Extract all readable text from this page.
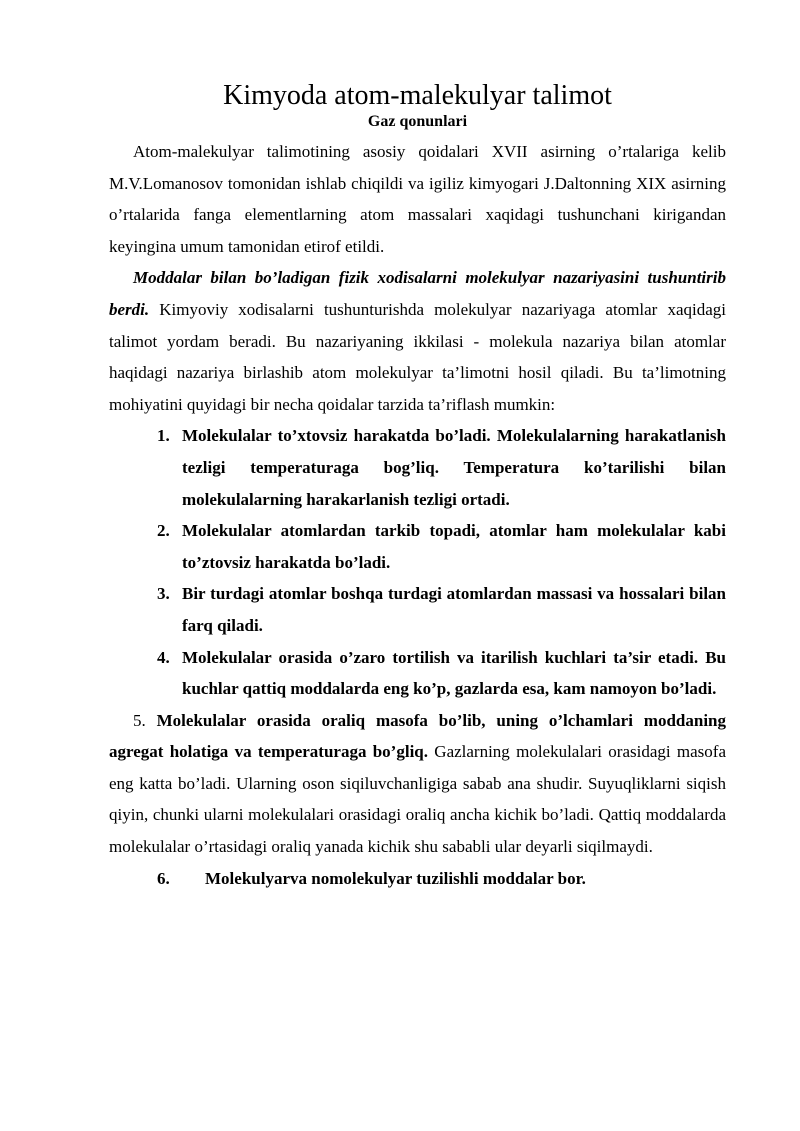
Kimyoda atom-malekulyar talimot
Gaz qonunlari

Atom-malekulyar talimotining asosiy qoidalari XVII asirning o’rtalariga kelib M.V.Lomanosov tomonidan ishlab chiqildi va igiliz kimyogari J.Daltonning XIX asirning o’rtalarida fanga elementlarning atom massalari xaqidagi tushunchani kirigandan keyingina umum tamonidan etirof etildi.

Moddalar bilan bo’ladigan fizik xodisalarni molekulyar nazariyasini tushuntirib berdi. Kimyoviy xodisalarni tushunturishda molekulyar nazariyaga atomlar xaqidagi talimot yordam beradi. Bu nazariyaning ikkilasi - molekula nazariya bilan atomlar haqidagi nazariya birlashib atom molekulyar ta’limotni hosil qiladi. Bu ta’limotning mohiyatini quyidagi bir necha qoidalar tarzida ta’riflash mumkin:

1. Molekulalar to’xtovsiz harakatda bo’ladi. Molekulalarning harakatlanish tezligi temperaturaga bog’liq. Temperatura ko’tarilishi bilan molekulalarning harakarlanish tezligi ortadi.
2. Molekulalar atomlardan tarkib topadi, atomlar ham molekulalar kabi to’ztovsiz harakatda bo’ladi.
3. Bir turdagi atomlar boshqa turdagi atomlardan massasi va hossalari bilan farq qiladi.
4. Molekulalar orasida o’zaro tortilish va itarilish kuchlari ta’sir etadi. Bu kuchlar qattiq moddalarda eng ko’p, gazlarda esa, kam namoyon bo’ladi.

5. Molekulalar orasida oraliq masofa bo’lib, uning o’lchamlari moddaning agregat holatiga va temperaturaga bo’gliq. Gazlarning molekulalari orasidagi masofa eng katta bo’ladi. Ularning oson siqiluvchanligiga sabab ana shudir. Suyuqliklarni siqish qiyin, chunki ularni molekulalari orasidagi oraliq ancha kichik bo’ladi. Qattiq moddalarda molekulalar o’rtasidagi oraliq yanada kichik shu sababli ular deyarli siqilmaydi.

6. Molekulyarva nomolekulyar tuzilishli moddalar bor.
